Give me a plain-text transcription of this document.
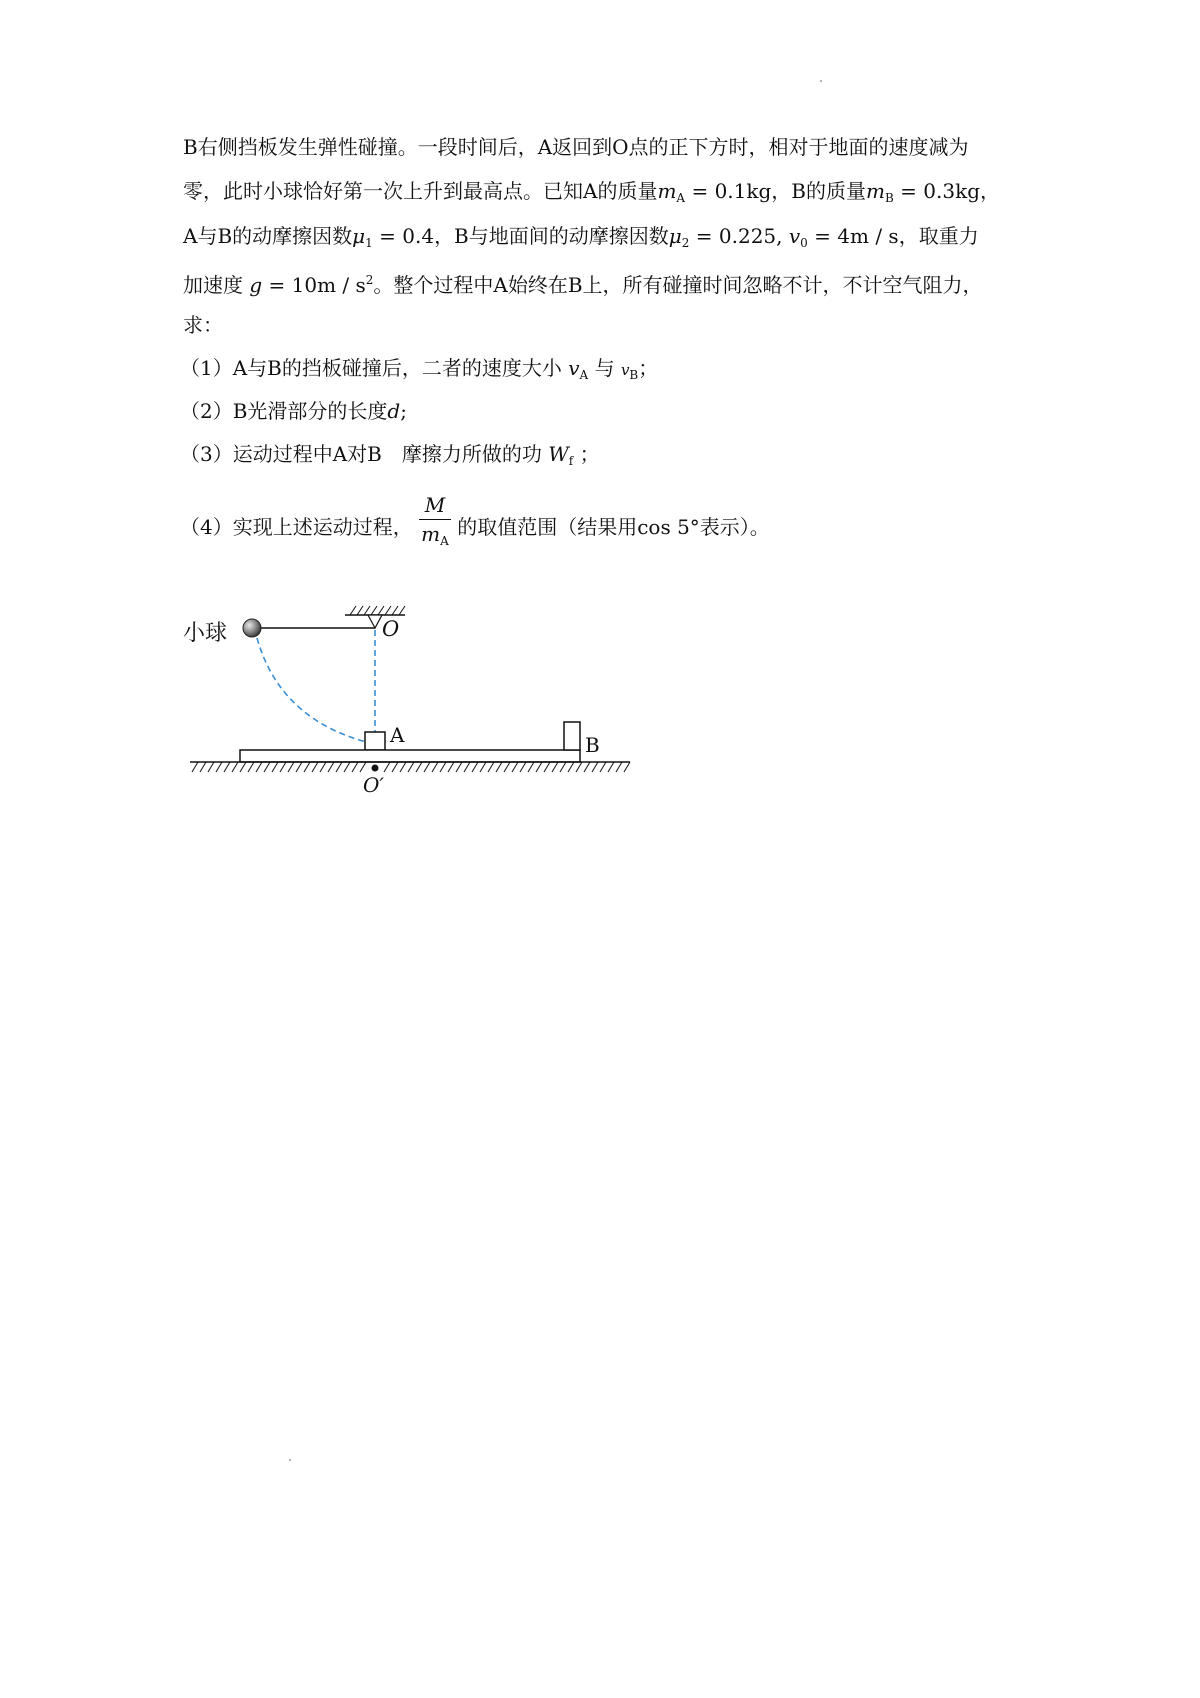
B右侧挡板发生弹性碰撞。一段时间后，A返回到O点的正下方时，相对于地面的速度减为
零，此时小球恰好第一次上升到最高点。已知A的质量$m_A = 0.1kg$，B的质量$m_B = 0.3kg$，
A与B的动摩擦因数$\mu_1 = 0.4$，B与地面间的动摩擦因数$\mu_2 = 0.225$, $v_0 = 4m / s$，取重力
加速度 $g = 10m / s^2$。整个过程中A始终在B上，所有碰撞时间忽略不计，不计空气阻力，
求：
（1）A与B的挡板碰撞后，二者的速度大小 $v_A$ 与 $v_B$；
（2）B光滑部分的长度d;
（3）运动过程中A对B　摩擦力所做的功 $W_f$ ；
（4）实现上述运动过程， $\frac{M}{m_A}$ 的取值范围（结果用cos 5°表示）。
小球	O
A	B
O′
